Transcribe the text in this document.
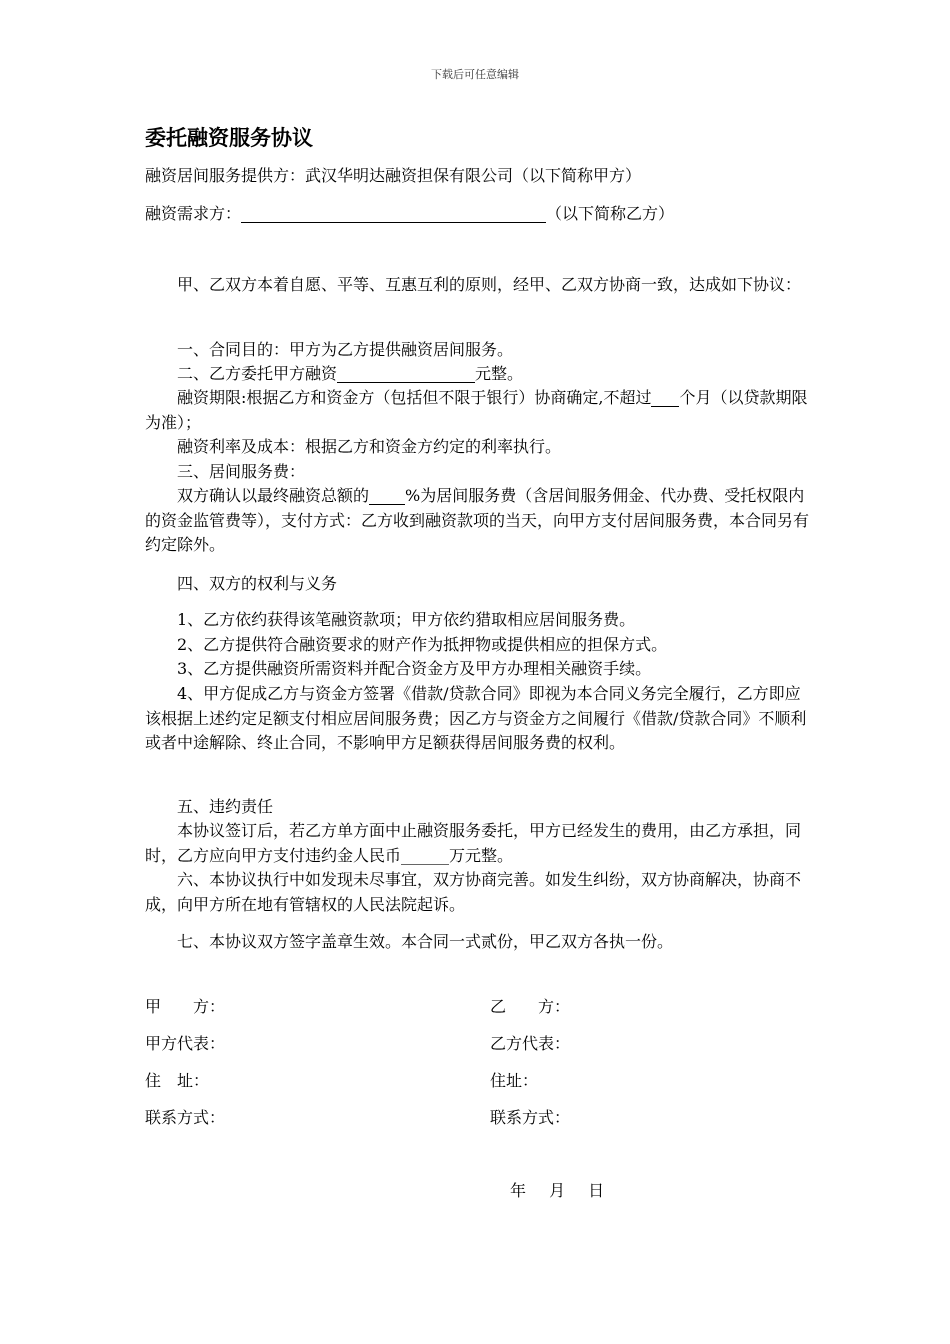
下载后可任意编辑
委托融资服务协议
融资居间服务提供方：武汉华明达融资担保有限公司（以下简称甲方）
融资需求方：	（以下简称乙方）
甲、乙双方本着自愿、平等、互惠互利的原则，经甲、乙双方协商一致，达成如下协议：
一、合同目的：甲方为乙方提供融资居间服务。
二、乙方委托甲方融资	元整。
融资期限:根据乙方和资金方（包括但不限于银行）协商确定,不超过 个月（以贷款期限为准）；
融资利率及成本：根据乙方和资金方约定的利率执行。
三、居间服务费：
双方确认以最终融资总额的 %为居间服务费（含居间服务佣金、代办费、受托权限内的资金监管费等），支付方式：乙方收到融资款项的当天，向甲方支付居间服务费，本合同另有约定除外。
四、双方的权利与义务
1、乙方依约获得该笔融资款项；甲方依约猎取相应居间服务费。
2、乙方提供符合融资要求的财产作为抵押物或提供相应的担保方式。
3、乙方提供融资所需资料并配合资金方及甲方办理相关融资手续。
4、甲方促成乙方与资金方签署《借款/贷款合同》即视为本合同义务完全履行，乙方即应该根据上述约定足额支付相应居间服务费；因乙方与资金方之间履行《借款/贷款合同》不顺利或者中途解除、终止合同，不影响甲方足额获得居间服务费的权利。
五、违约责任
本协议签订后，若乙方单方面中止融资服务委托，甲方已经发生的费用，由乙方承担，同时，乙方应向甲方支付违约金人民币______万元整。
六、本协议执行中如发现未尽事宜，双方协商完善。如发生纠纷，双方协商解决，协商不成，向甲方所在地有管辖权的人民法院起诉。
七、本协议双方签字盖章生效。本合同一式贰份，甲乙双方各执一份。
甲　　方：
甲方代表：
住　址：
联系方式：
乙　　方：
乙方代表：
住址：
联系方式：
年 月 日
